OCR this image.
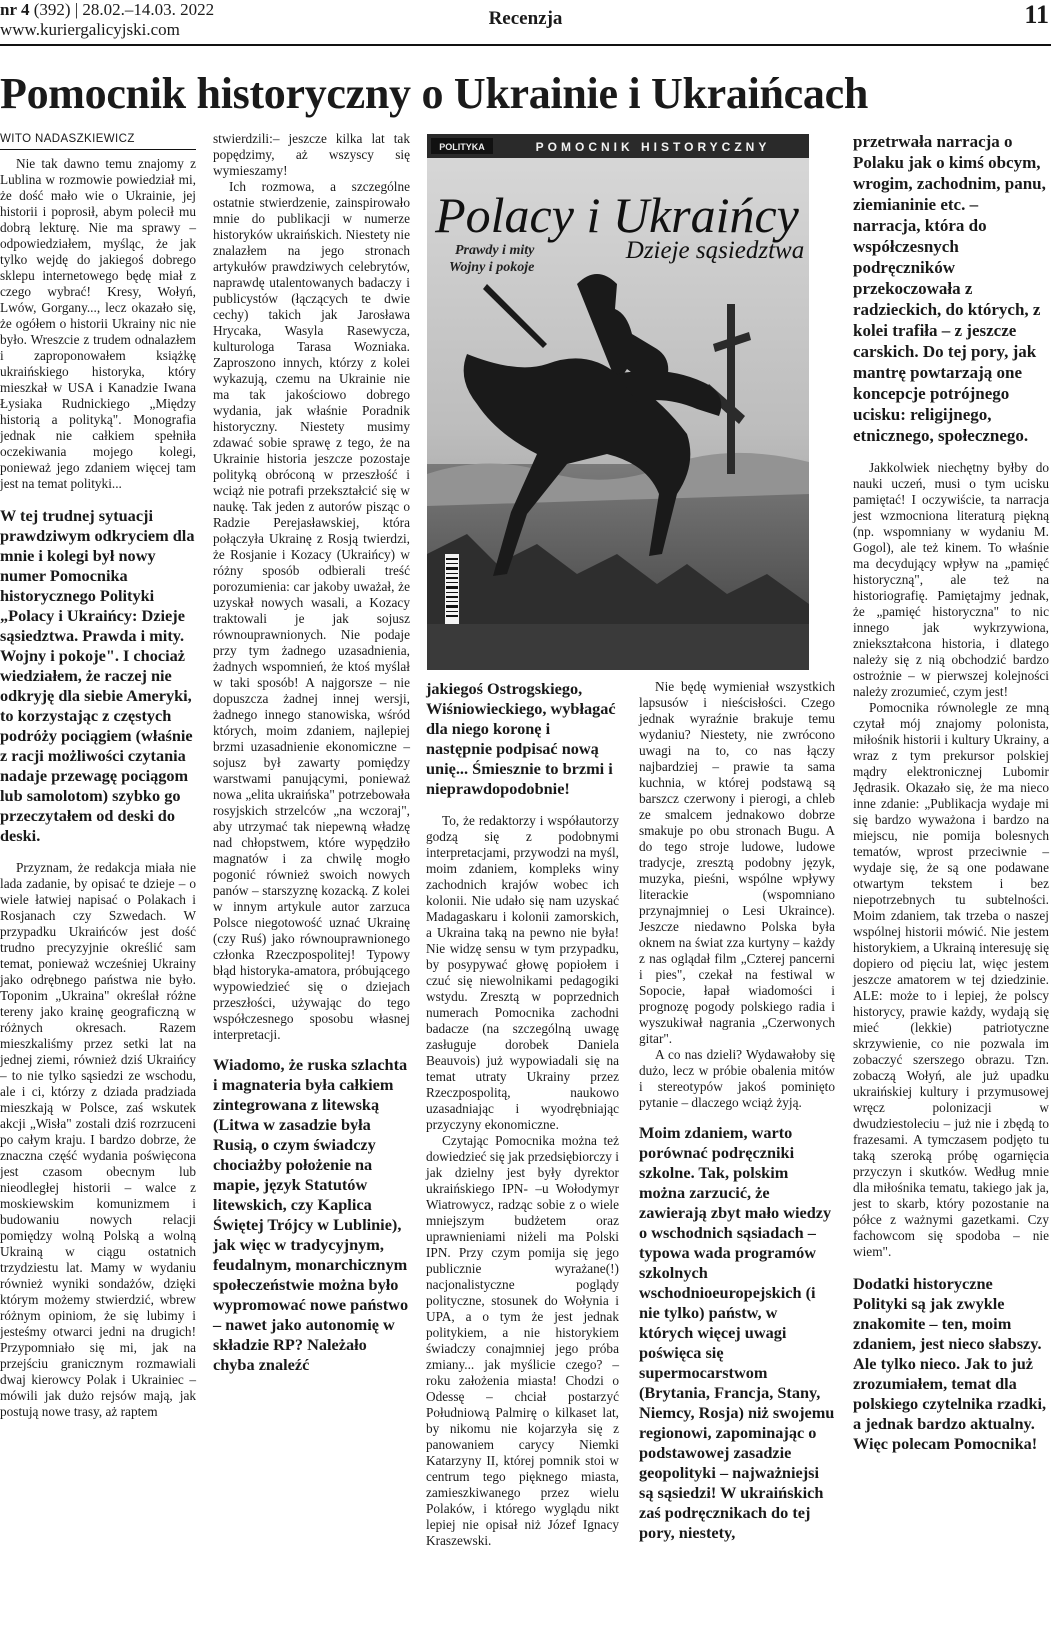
nr 4 (392) | 28.02.–14.03. 2022
www.kuriergalicyjski.com
Recenzja	11
Pomocnik historyczny o Ukrainie i Ukraińcach
WITO NADASZKIEWICZ

Nie tak dawno temu znajomy z Lublina w rozmowie powiedział mi, że dość mało wie o Ukrainie, jej historii i poprosił, abym polecił mu dobrą lekturę. Nie ma sprawy – odpowiedziałem, myśląc, że jak tylko wejdę do jakiegoś dobrego sklepu internetowego będę miał z czego wybrać! Kresy, Wołyń, Lwów, Gorgany..., lecz okazało się, że ogółem o historii Ukrainy nic nie było. Wreszcie z trudem odnalazłem i zaproponowałem książkę ukraińskiego historyka, który mieszkał w USA i Kanadzie Iwana Łysiaka Rudnickiego „Między historią a polityką". Monografia jednak nie całkiem spełniła oczekiwania mojego kolegi, ponieważ jego zdaniem więcej tam jest na temat polityki...

W tej trudnej sytuacji prawdziwym odkryciem dla mnie i kolegi był nowy numer Pomocnika historycznego Polityki „Polacy i Ukraińcy: Dzieje sąsiedztwa. Prawda i mity. Wojny i pokoje". I chociaż wiedziałem, że raczej nie odkryję dla siebie Ameryki, to korzystając z częstych podróży pociągiem (właśnie z racji możliwości czytania nadaje przewagę pociągom lub samolotom) szybko go przeczytałem od deski do deski.

Przyznam, że redakcja miała nie lada zadanie, by opisać te dzieje – o wiele łatwiej napisać o Polakach i Rosjanach czy Szwedach. W przypadku Ukraińców jest dość trudno precyzyjnie określić sam temat, ponieważ wcześniej Ukrainy jako odrębnego państwa nie było. Toponim „Ukraina" określał różne tereny jako krainę geograficzną w różnych okresach. Razem mieszkaliśmy przez setki lat na jednej ziemi, również dziś Ukraińcy – to nie tylko sąsiedzi ze wschodu, ale i ci, którzy z dziada pradziada mieszkają w Polsce, zaś wskutek akcji „Wisła" zostali dziś rozrzuceni po całym kraju. I bardzo dobrze, że znaczna część wydania poświęcona jest czasom obecnym lub nieodległej historii – walce z moskiewskim komunizmem i budowaniu nowych relacji pomiędzy wolną Polską a wolną Ukrainą w ciągu ostatnich trzydziestu lat. Mamy w wydaniu również wyniki sondażów, dzięki którym możemy stwierdzić, wbrew różnym opiniom, że się lubimy i jesteśmy otwarci jedni na drugich! Przypomniało się mi, jak na przejściu granicznym rozmawiali dwaj kierowcy Polak i Ukrainiec – mówili jak dużo rejsów mają, jak postują nowe trasy, aż raptem

stwierdzili:– jeszcze kilka lat tak popędzimy, aż wszyscy się wymieszamy!

Ich rozmowa, a szczególne ostatnie stwierdzenie, zainspirowało mnie do publikacji w numerze historyków ukraińskich. Niestety nie znalazłem na jego stronach artykułów prawdziwych celebrytów, naprawdę utalentowanych badaczy i publicystów (łączących te dwie cechy) takich jak Jarosława Hrycaka, Wasyla Rasewycza, kulturologa Tarasa Wozniaka. Zaproszono innych, którzy z kolei wykazują, czemu na Ukrainie nie ma tak jakościowo dobrego wydania, jak właśnie Poradnik historyczny. Niestety musimy zdawać sobie sprawę z tego, że na Ukrainie historia jeszcze pozostaje polityką obróconą w przeszłość i wciąż nie potrafi przekształcić się w naukę. Tak jeden z autorów pisząc o Radzie Perejasławskiej, która połączyła Ukrainę z Rosją twierdzi, że Rosjanie i Kozacy (Ukraińcy) w różny sposób odbierali treść porozumienia: car jakoby uważał, że uzyskał nowych wasali, a Kozacy traktowali je jak sojusz równouprawnionych. Nie podaje przy tym żadnego uzasadnienia, żadnych wspomnień, że ktoś myślał w taki sposób! A najgorsze – nie dopuszcza żadnej innej wersji, żadnego innego stanowiska, wśród których, moim zdaniem, najlepiej brzmi uzasadnienie ekonomiczne – sojusz był zawarty pomiędzy warstwami panującymi, ponieważ nowa „elita ukraińska" potrzebowała rosyjskich strzelców „na wczoraj", aby utrzymać tak niepewną władzę nad chłopstwem, które wypędziło magnatów i za chwilę mogło pogonić również swoich nowych panów – starszyznę kozacką. Z kolei w innym artykule autor zarzuca Polsce niegotowość uznać Ukrainę (czy Ruś) jako równouprawnionego członka Rzeczpospolitej! Typowy błąd historyka-amatora, próbującego wypowiedzieć się o dziejach przeszłości, używając do tego współczesnego sposobu własnej interpretacji.

Wiadomo, że ruska szlachta i magnateria była całkiem zintegrowana z litewską (Litwa w zasadzie była Rusią, o czym świadczy chociażby położenie na mapie, język Statutów litewskich, czy Kaplica Świętej Trójcy w Lublinie), jak więc w tradycyjnym, feudalnym, monarchicznym społeczeństwie można było wypromować nowe państwo – nawet jako autonomię w składzie RP? Należało chyba znaleźć

POLITYKA	POMOCNIK HISTORYCZNY
Polacy i Ukraińcy
Prawdy i mity
Wojny i pokoje
Dzieje sąsiedztwa

jakiegoś Ostrogskiego, Wiśniowieckiego, wybłagać dla niego koronę i następnie podpisać nową unię... Śmiesznie to brzmi i nieprawdopodobnie!

To, że redaktorzy i współautorzy godzą się z podobnymi interpretacjami, przywodzi na myśl, moim zdaniem, kompleks winy zachodnich krajów wobec ich kolonii. Nie udało się nam uzyskać Madagaskaru i kolonii zamorskich, a Ukraina taką na pewno nie była! Nie widzę sensu w tym przypadku, by posypywać głowę popiołem i czuć się niewolnikami pedagogiki wstydu. Zresztą w poprzednich numerach Pomocnika zachodni badacze (na szczególną uwagę zasługuje dorobek Daniela Beauvois) już wypowiadali się na temat utraty Ukrainy przez Rzeczpospolitą, naukowo uzasadniając i wyodrębniając przyczyny ekonomiczne.

Czytając Pomocnika można też dowiedzieć się jak przedsiębiorczy i jak dzielny jest były dyrektor ukraińskiego IPN- –u Wołodymyr Wiatrowycz, radząc sobie z o wiele mniejszym budżetem oraz uprawnieniami niżeli ma Polski IPN. Przy czym pomija się jego publicznie wyrażane(!) nacjonalistyczne poglądy polityczne, stosunek do Wołynia i UPA, a o tym że jest jednak politykiem, a nie historykiem świadczy conajmniej jego próba zmiany... jak myślicie czego? – roku założenia miasta! Chodzi o Odessę – chciał postarzyć Południową Palmirę o kilkaset lat, by nikomu nie kojarzyła się z panowaniem carycy Niemki Katarzyny II, której pomnik stoi w centrum tego pięknego miasta, zamieszkiwanego przez wielu Polaków, i którego wyglądu nikt lepiej nie opisał niż Józef Ignacy Kraszewski.

Nie będę wymieniał wszystkich lapsusów i nieścisłości. Czego jednak wyraźnie brakuje temu wydaniu? Niestety, nie zwrócono uwagi na to, co nas łączy najbardziej – prawie ta sama kuchnia, w której podstawą są barszcz czerwony i pierogi, a chleb ze smalcem jednakowo dobrze smakuje po obu stronach Bugu. A do tego stroje ludowe, ludowe tradycje, zresztą podobny język, muzyka, pieśni, wspólne wpływy literackie (wspomniano przynajmniej o Lesi Ukraince). Jeszcze niedawno Polska była oknem na świat zza kurtyny – każdy z nas oglądał film „Czterej pancerni i pies", czekał na festiwal w Sopocie, łapał wiadomości i prognozę pogody polskiego radia i wyszukiwał nagrania „Czerwonych gitar".

A co nas dzieli? Wydawałoby się dużo, lecz w próbie obalenia mitów i stereotypów jakoś pominięto pytanie – dlaczego wciąż żyją.

Moim zdaniem, warto porównać podręczniki szkolne. Tak, polskim można zarzucić, że zawierają zbyt mało wiedzy o wschodnich sąsiadach – typowa wada programów szkolnych wschodnioeuropejskich (i nie tylko) państw, w których więcej uwagi poświęca się supermocarstwom (Brytania, Francja, Stany, Niemcy, Rosja) niż swojemu regionowi, zapominając o podstawowej zasadzie geopolityki – najważniejsi są sąsiedzi! W ukraińskich zaś podręcznikach do tej pory, niestety,

przetrwała narracja o Polaku jak o kimś obcym, wrogim, zachodnim, panu, ziemianinie etc. – narracja, która do współczesnych podręczników przekoczowała z radzieckich, do których, z kolei trafiła – z jeszcze carskich. Do tej pory, jak mantrę powtarzają one koncepcje potrójnego ucisku: religijnego, etnicznego, społecznego.

Jakkolwiek niechętny byłby do nauki uczeń, musi o tym ucisku pamiętać! I oczywiście, ta narracja jest wzmocniona literaturą piękną (np. wspomniany w wydaniu M. Gogol), ale też kinem. To właśnie ma decydujący wpływ na „pamięć historyczną", ale też na historiografię. Pamiętajmy jednak, że „pamięć historyczna" to nic innego jak wykrzywiona, zniekształcona historia, i dlatego należy się z nią obchodzić bardzo ostrożnie – w pierwszej kolejności należy zrozumieć, czym jest!

Pomocnika równolegle ze mną czytał mój znajomy polonista, miłośnik historii i kultury Ukrainy, a wraz z tym prekursor polskiej mądry elektronicznej Lubomir Jędrasik. Okazało się, że ma nieco inne zdanie: „Publikacja wydaje mi się bardzo wyważona i bardzo na miejscu, nie pomija bolesnych tematów, wprost przeciwnie – wydaje się, że są one podawane otwartym tekstem i bez niepotrzebnych tu subtelności. Moim zdaniem, tak trzeba o naszej wspólnej historii mówić. Nie jestem historykiem, a Ukrainą interesuję się dopiero od pięciu lat, więc jestem jeszcze amatorem w tej dziedzinie. ALE: może to i lepiej, że polscy historycy, prawie każdy, wydają się mieć (lekkie) patriotyczne skrzywienie, co nie pozwala im zobaczyć szerszego obrazu. Tzn. zobaczą Wołyń, ale już upadku ukraińskiej kultury i przymusowej wręcz polonizacji w dwudziestoleciu – już nie i zbędą to frazesami. A tymczasem podjęto tu taką szeroką próbę ogarnięcia przyczyn i skutków. Według mnie dla miłośnika tematu, takiego jak ja, jest to skarb, który pozostanie na półce z ważnymi gazetkami. Czy fachowcom się spodoba – nie wiem".

Dodatki historyczne Polityki są jak zwykle znakomite – ten, moim zdaniem, jest nieco słabszy. Ale tylko nieco. Jak to już zrozumiałem, temat dla polskiego czytelnika rzadki, a jednak bardzo aktualny. Więc polecam Pomocnika!
